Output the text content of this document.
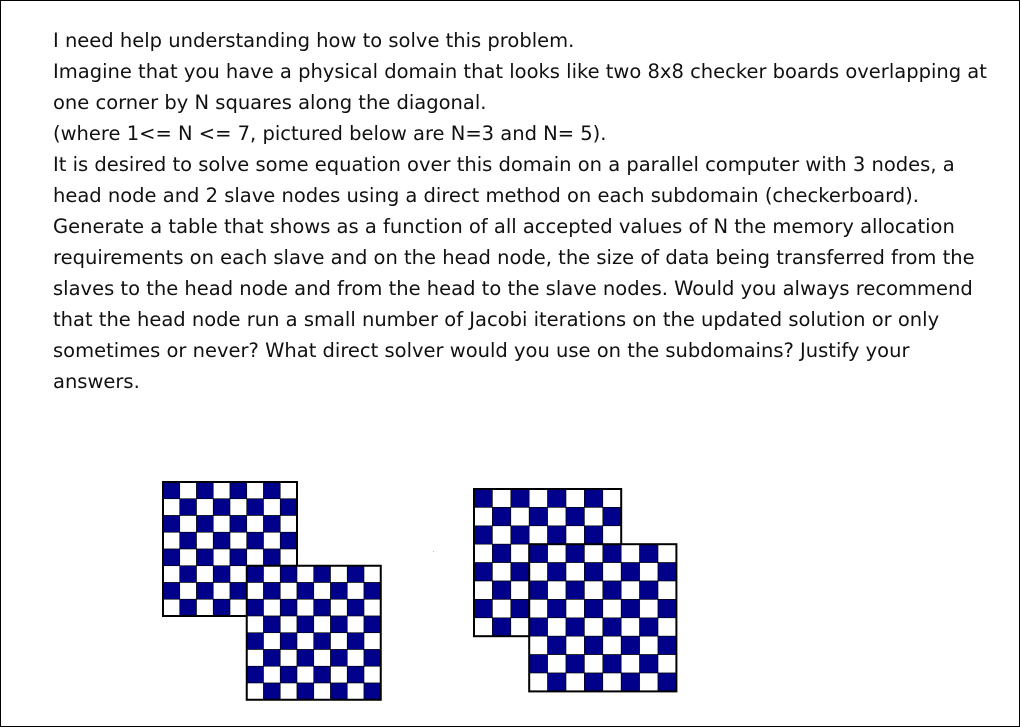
I need help understanding how to solve this problem.
Imagine that you have a physical domain that looks like two 8x8 checker boards overlapping at
one corner by N squares along the diagonal.
(where 1<= N <= 7, pictured below are N=3 and N= 5).
It is desired to solve some equation over this domain on a parallel computer with 3 nodes, a
head node and 2 slave nodes using a direct method on each subdomain (checkerboard).
Generate a table that shows as a function of all accepted values of N the memory allocation
requirements on each slave and on the head node, the size of data being transferred from the
slaves to the head node and from the head to the slave nodes. Would you always recommend
that the head node run a small number of Jacobi iterations on the updated solution or only
sometimes or never? What direct solver would you use on the subdomains? Justify your
answers.
